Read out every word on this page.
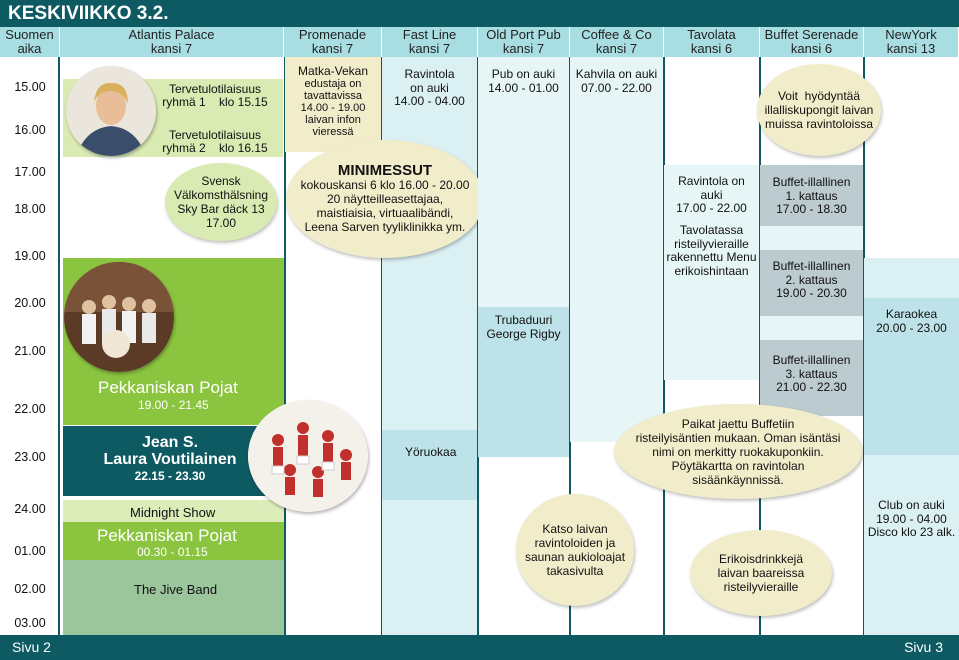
KESKIVIIKKO 3.2.
Suomen
aika
Atlantis Palace
kansi 7
Promenade
kansi 7
Fast Line
kansi 7
Old Port Pub
kansi 7
Coffee & Co
kansi 7
Tavolata
kansi 6
Buffet Serenade
kansi 6
NewYork
kansi 13
15.00
16.00
17.00
18.00
19.00
20.00
21.00
22.00
23.00
24.00
01.00
02.00
03.00
Tervetulotilaisuus
ryhmä 1    klo 15.15
Tervetulotilaisuus
ryhmä 2    klo 16.15
Svensk
Välkomsthälsning
Sky Bar däck 13
17.00
Pekkaniskan Pojat
19.00 - 21.45
Jean S.
Laura Voutilainen
22.15 - 23.30
Midnight Show
Pekkaniskan Pojat
00.30 - 01.15
The Jive Band
Matka-Vekan
edustaja on
tavattavissa
14.00 - 19.00
laivan infon
vieressä
Ravintola
on auki
14.00 - 04.00
Yöruokaa
MINIMESSUT
kokouskansi 6 klo 16.00 - 20.00
20 näytteilleasettajaa,
maistiaisia, virtuaalibändi,
Leena Sarven tyyliklinikka ym.
Pub on auki
14.00 - 01.00
Trubaduuri
George Rigby
Katso laivan
ravintoloiden ja
saunan aukioloajat
takasivulta
Kahvila on auki
07.00 - 22.00
Ravintola on
auki
17.00 - 22.00
Tavolatassa
risteilyvieraille
rakennettu Menu
erikoishintaan
Erikoisdrinkkejä
laivan baareissa
risteilyvieraille
Buffet-illallinen
1. kattaus
17.00 - 18.30
Buffet-illallinen
2. kattaus
19.00 - 20.30
Buffet-illallinen
3. kattaus
21.00 - 22.30
Voit  hyödyntää
illalliskupongit laivan
muissa ravintoloissa
Paikat jaettu Buffetiin
risteilyisäntien mukaan. Oman isäntäsi
nimi on merkitty ruokakuponkiin.
Pöytäkartta on ravintolan
sisäänkäynnissä.
Karaokea
20.00 - 23.00
Club on auki
19.00 - 04.00
Disco klo 23 alk.
Sivu 2	Sivu 3
